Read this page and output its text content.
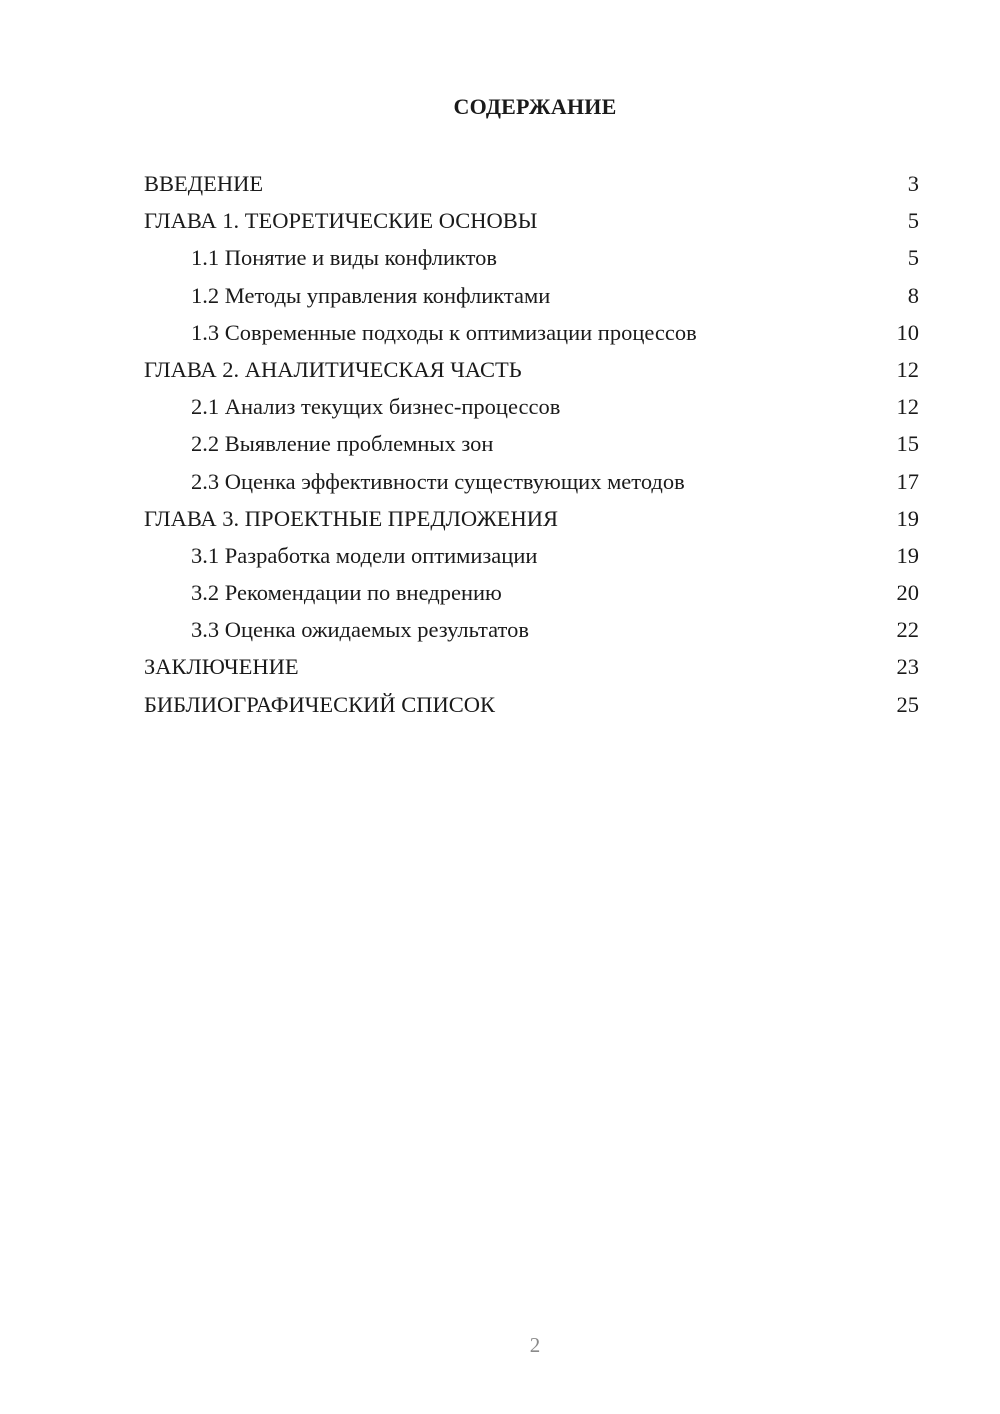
СОДЕРЖАНИЕ
ВВЕДЕНИЕ	3
ГЛАВА 1. ТЕОРЕТИЧЕСКИЕ ОСНОВЫ	5
1.1 Понятие и виды конфликтов	5
1.2 Методы управления конфликтами	8
1.3 Современные подходы к оптимизации процессов	10
ГЛАВА 2. АНАЛИТИЧЕСКАЯ ЧАСТЬ	12
2.1 Анализ текущих бизнес-процессов	12
2.2 Выявление проблемных зон	15
2.3 Оценка эффективности существующих методов	17
ГЛАВА 3. ПРОЕКТНЫЕ ПРЕДЛОЖЕНИЯ	19
3.1 Разработка модели оптимизации	19
3.2 Рекомендации по внедрению	20
3.3 Оценка ожидаемых результатов	22
ЗАКЛЮЧЕНИЕ	23
БИБЛИОГРАФИЧЕСКИЙ СПИСОК	25
2
